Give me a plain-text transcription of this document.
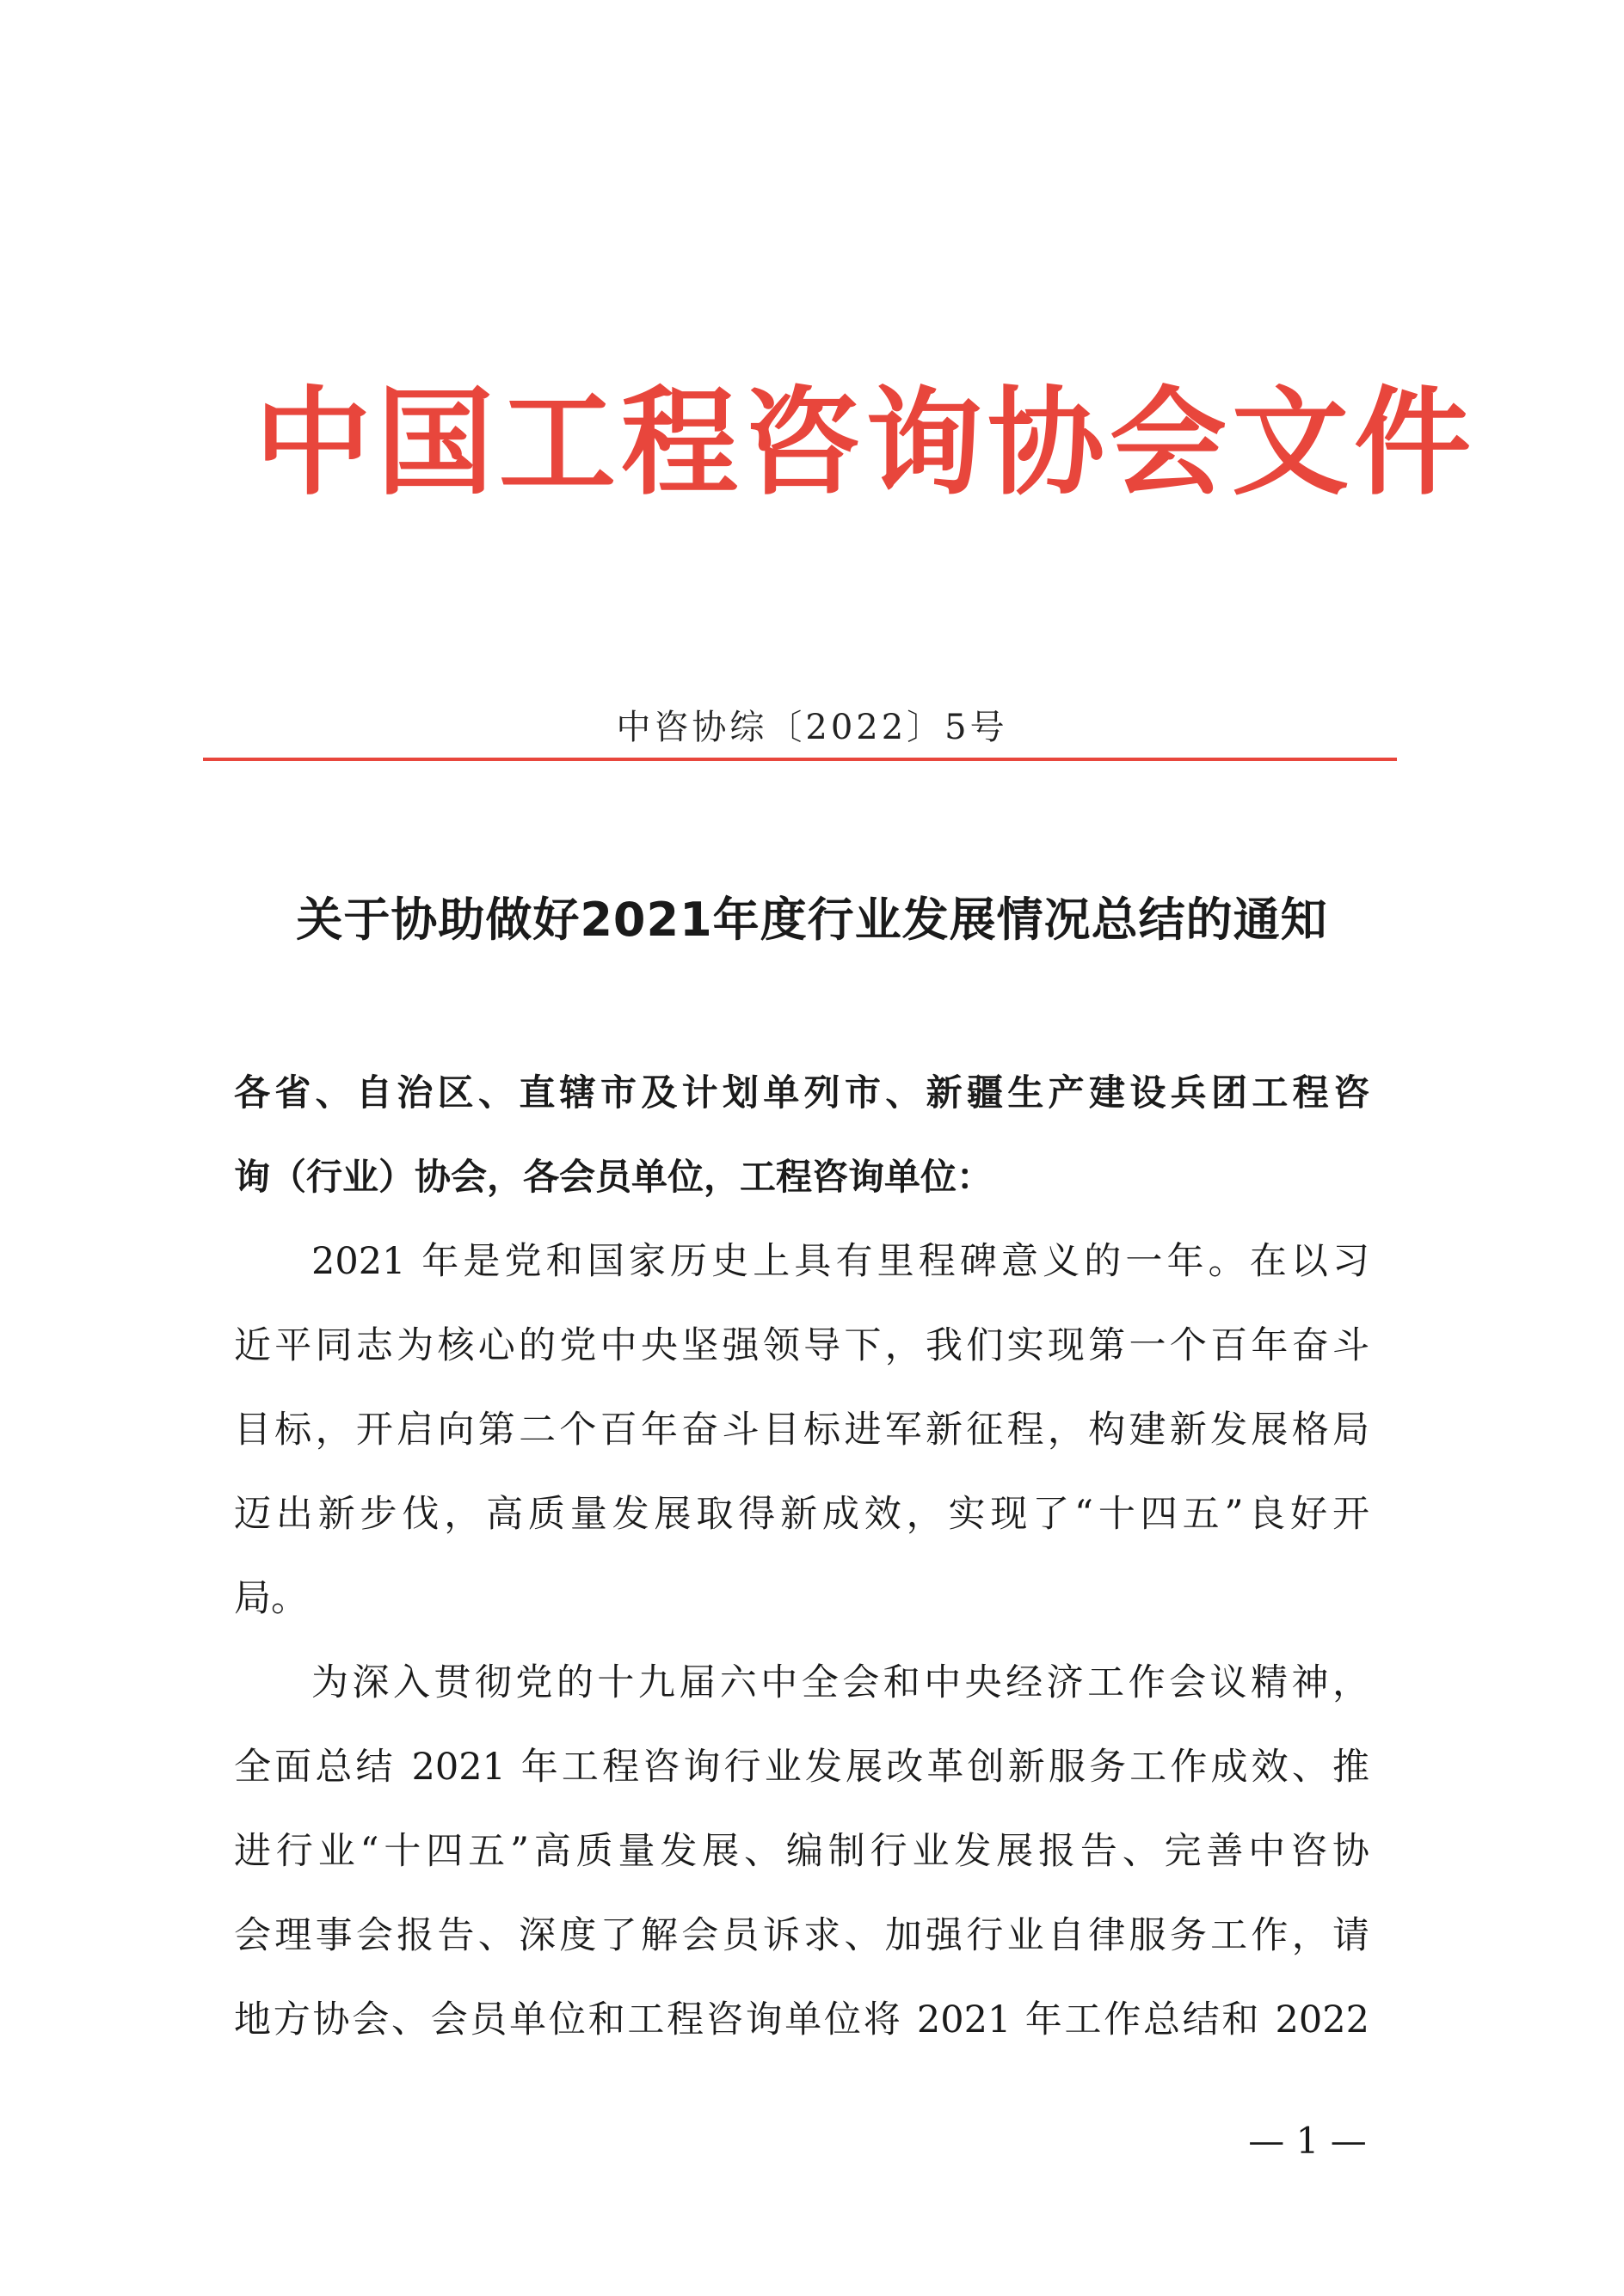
中国工程咨询协会文件
中咨协综〔2022〕5号
关于协助做好2021年度行业发展情况总结的通知
各省、自治区、直辖市及计划单列市、新疆生产建设兵团工程咨
询（行业）协会，各会员单位，工程咨询单位：
2021 年是党和国家历史上具有里程碑意义的一年。在以习
近平同志为核心的党中央坚强领导下，我们实现第一个百年奋斗
目标，开启向第二个百年奋斗目标进军新征程，构建新发展格局
迈出新步伐，高质量发展取得新成效，实现了“十四五”良好开
局。
为深入贯彻党的十九届六中全会和中央经济工作会议精神，
全面总结 2021 年工程咨询行业发展改革创新服务工作成效、推
进行业“十四五”高质量发展、编制行业发展报告、完善中咨协
会理事会报告、深度了解会员诉求、加强行业自律服务工作，请
地方协会、会员单位和工程咨询单位将 2021 年工作总结和 2022
— 1 —
